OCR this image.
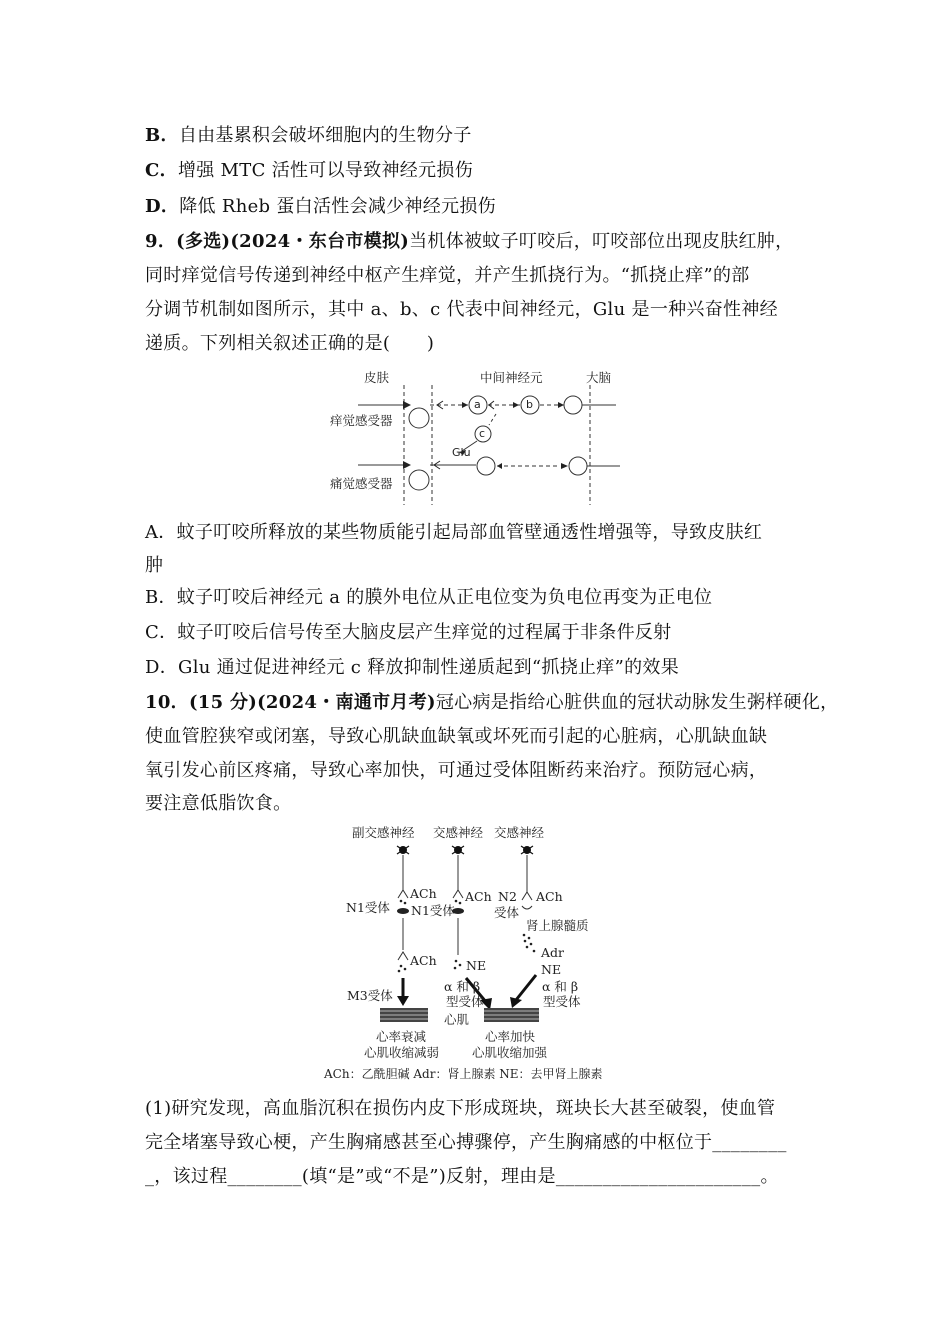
B．自由基累积会破坏细胞内的生物分子
C．增强 MTC 活性可以导致神经元损伤
D．降低 Rheb 蛋白活性会减少神经元损伤
9．(多选)(2024・东台市模拟)当机体被蚊子叮咬后，叮咬部位出现皮肤红肿，
同时痒觉信号传递到神经中枢产生痒觉，并产生抓挠行为。“抓挠止痒”的部
分调节机制如图所示，其中 a、b、c 代表中间神经元，Glu 是一种兴奋性神经
递质。下列相关叙述正确的是(　　)
皮肤	中间神经元	大脑
痒觉感受器
痛觉感受器
a	b
c
Glu
A．蚊子叮咬所释放的某些物质能引起局部血管壁通透性增强等，导致皮肤红
肿
B．蚊子叮咬后神经元 a 的膜外电位从正电位变为负电位再变为正电位
C．蚊子叮咬后信号传至大脑皮层产生痒觉的过程属于非条件反射
D．Glu 通过促进神经元 c 释放抑制性递质起到“抓挠止痒”的效果
10．(15 分)(2024・南通市月考)冠心病是指给心脏供血的冠状动脉发生粥样硬化，
使血管腔狭窄或闭塞，导致心肌缺血缺氧或坏死而引起的心脏病，心肌缺血缺
氧引发心前区疼痛，导致心率加快，可通过受体阻断药来治疗。预防冠心病，
要注意低脂饮食。
副交感神经 交感神经 交感神经
ACh ACh	ACh
N1受体 N1受体
N2
受体
肾上腺髓质
Adr
ACh NE	NE
M3受体
α 和 β
型受体
心肌
α 和 β
型受体
心率衰减
心肌收缩减弱
心率加快
心肌收缩加强
ACh：乙酰胆碱 Adr：肾上腺素 NE：去甲肾上腺素
(1)研究发现，高血脂沉积在损伤内皮下形成斑块，斑块长大甚至破裂，使血管
完全堵塞导致心梗，产生胸痛感甚至心搏骤停，产生胸痛感的中枢位于________
_，该过程________(填“是”或“不是”)反射，理由是______________________。
